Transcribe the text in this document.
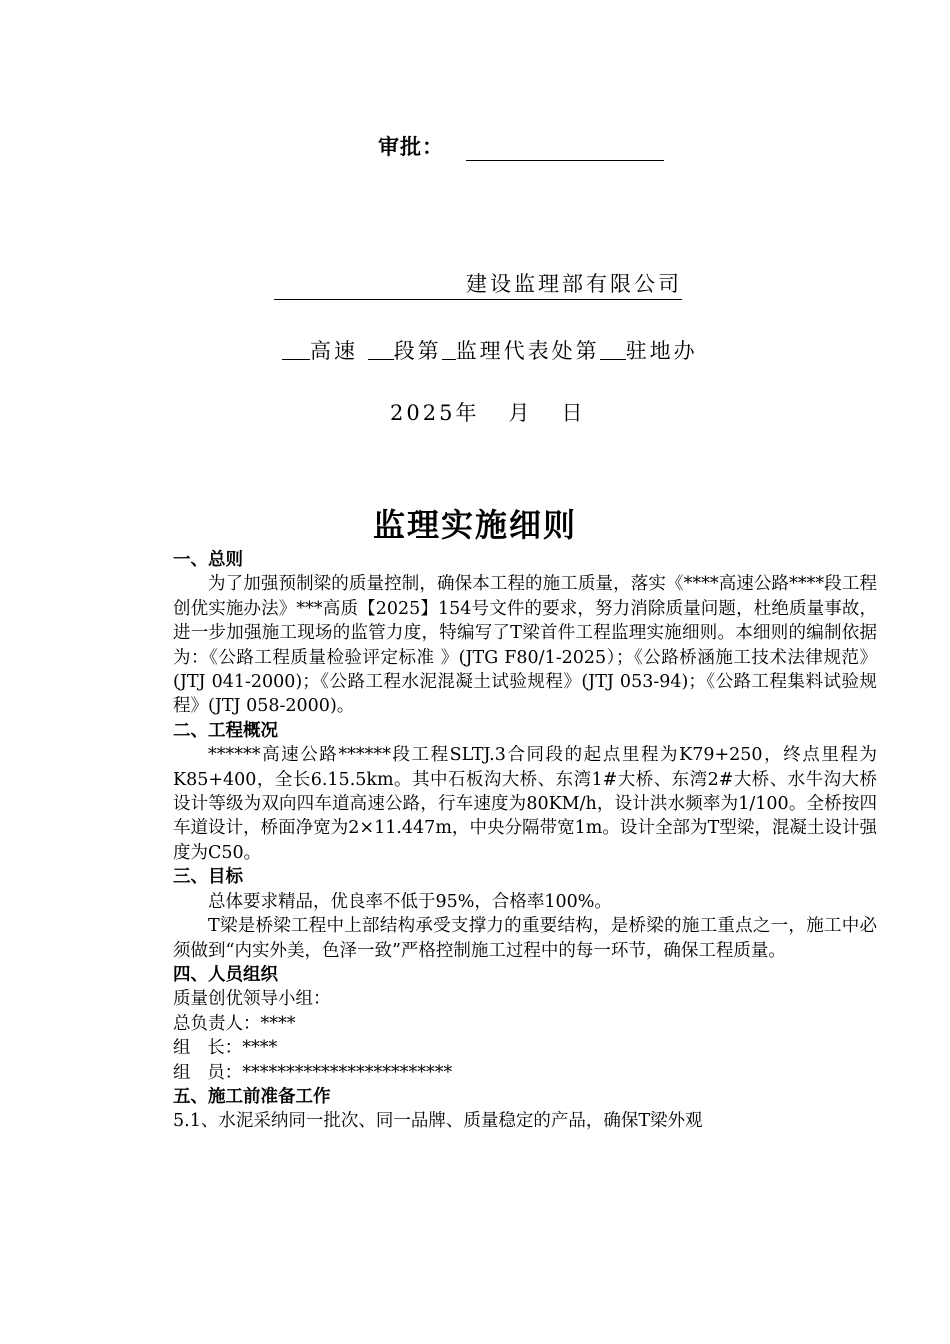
审批：
建设监理部有限公司
高速 段第 监理代表处第 驻地办
2025年   月   日
监理实施细则
一、总则
为了加强预制梁的质量控制，确保本工程的施工质量，落实《****高速公路****段工程创优实施办法》***高质【2025】154号文件的要求，努力消除质量问题，杜绝质量事故，进一步加强施工现场的监管力度，特编写了T梁首件工程监理实施细则。本细则的编制依据为：《公路工程质量检验评定标准 》(JTG F80/1-2025）；《公路桥涵施工技术法律规范》(JTJ 041-2000)；《公路工程水泥混凝土试验规程》(JTJ 053-94)；《公路工程集料试验规程》(JTJ 058-2000)。
二、工程概况
******高速公路******段工程SLTJ.3合同段的起点里程为K79+250，终点里程为K85+400，全长6.15.5km。其中石板沟大桥、东湾1#大桥、东湾2#大桥、水牛沟大桥设计等级为双向四车道高速公路，行车速度为80KM/h，设计洪水频率为1/100。全桥按四车道设计，桥面净宽为2×11.447m，中央分隔带宽1m。设计全部为T型梁，混凝土设计强度为C50。
三、目标
总体要求精品，优良率不低于95%，合格率100%。
T梁是桥梁工程中上部结构承受支撑力的重要结构，是桥梁的施工重点之一，施工中必须做到“内实外美，色泽一致”严格控制施工过程中的每一环节，确保工程质量。
四、人员组织
质量创优领导小组：
总负责人：****
组   长：****
组   员：************************
五、施工前准备工作
5.1、水泥采纳同一批次、同一品牌、质量稳定的产品，确保T梁外观
